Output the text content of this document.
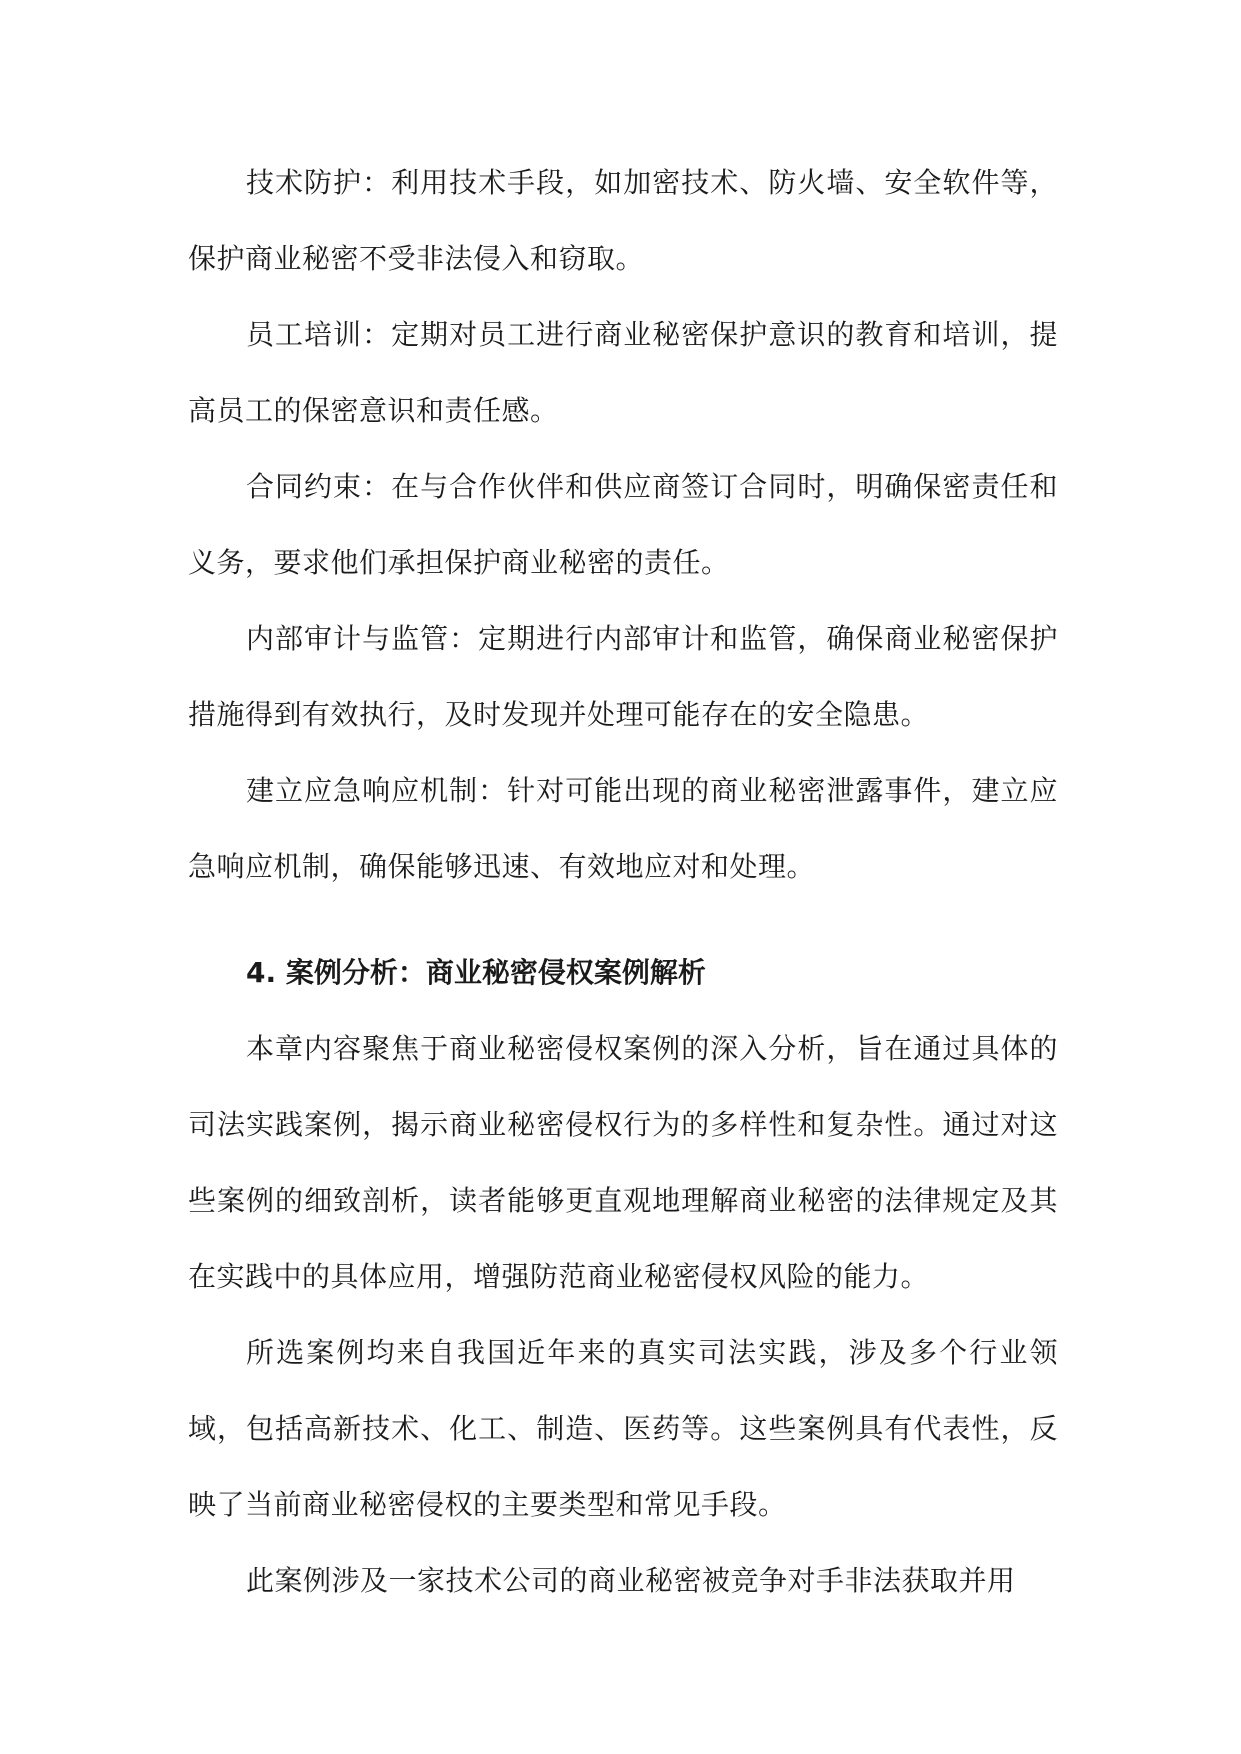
技术防护：利用技术手段，如加密技术、防火墙、安全软件等，保护商业秘密不受非法侵入和窃取。

员工培训：定期对员工进行商业秘密保护意识的教育和培训，提高员工的保密意识和责任感。

合同约束：在与合作伙伴和供应商签订合同时，明确保密责任和义务，要求他们承担保护商业秘密的责任。

内部审计与监管：定期进行内部审计和监管，确保商业秘密保护措施得到有效执行，及时发现并处理可能存在的安全隐患。

建立应急响应机制：针对可能出现的商业秘密泄露事件，建立应急响应机制，确保能够迅速、有效地应对和处理。

4. 案例分析：商业秘密侵权案例解析

本章内容聚焦于商业秘密侵权案例的深入分析，旨在通过具体的司法实践案例，揭示商业秘密侵权行为的多样性和复杂性。通过对这些案例的细致剖析，读者能够更直观地理解商业秘密的法律规定及其在实践中的具体应用，增强防范商业秘密侵权风险的能力。

所选案例均来自我国近年来的真实司法实践，涉及多个行业领域，包括高新技术、化工、制造、医药等。这些案例具有代表性，反映了当前商业秘密侵权的主要类型和常见手段。

此案例涉及一家技术公司的商业秘密被竞争对手非法获取并用
